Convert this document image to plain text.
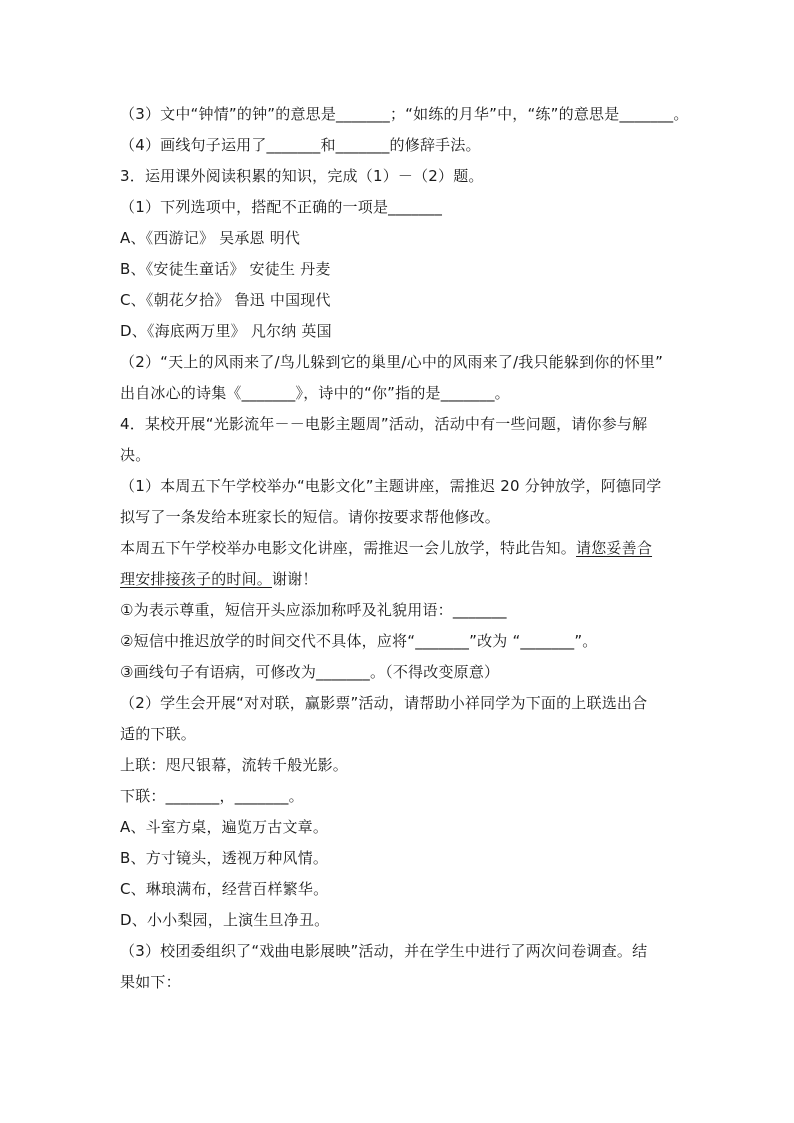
（3）文中“钟情”的钟”的意思是_______；“如练的月华”中，“练”的意思是_______。
（4）画线句子运用了_______和_______的修辞手法。
3．运用课外阅读积累的知识，完成（1）－（2）题。
（1）下列选项中，搭配不正确的一项是_______
A、《西游记》 吴承恩 明代
B、《安徒生童话》 安徒生 丹麦
C、《朝花夕拾》 鲁迅 中国现代
D、《海底两万里》 凡尔纳 英国
（2）“天上的风雨来了/鸟儿躲到它的巢里/心中的风雨来了/我只能躲到你的怀里”
出自冰心的诗集《_______》，诗中的“你”指的是_______。
4．某校开展“光影流年－－电影主题周”活动，活动中有一些问题，请你参与解
决。
（1）本周五下午学校举办“电影文化”主题讲座，需推迟 20 分钟放学，阿德同学
拟写了一条发给本班家长的短信。请你按要求帮他修改。
本周五下午学校举办电影文化讲座，需推迟一会儿放学，特此告知。请您妥善合
理安排接孩子的时间。谢谢！
①为表示尊重，短信开头应添加称呼及礼貌用语：_______
②短信中推迟放学的时间交代不具体，应将“_______”改为 “_______”。
③画线句子有语病，可修改为_______。（不得改变原意）
（2）学生会开展“对对联，赢影票”活动，请帮助小祥同学为下面的上联选出合
适的下联。
上联：咫尺银幕，流转千般光影。
下联：_______，_______。
A、斗室方桌，遍览万古文章。
B、方寸镜头，透视万种风情。
C、琳琅满布，经营百样繁华。
D、小小梨园，上演生旦净丑。
（3）校团委组织了“戏曲电影展映”活动，并在学生中进行了两次问卷调查。结
果如下：
